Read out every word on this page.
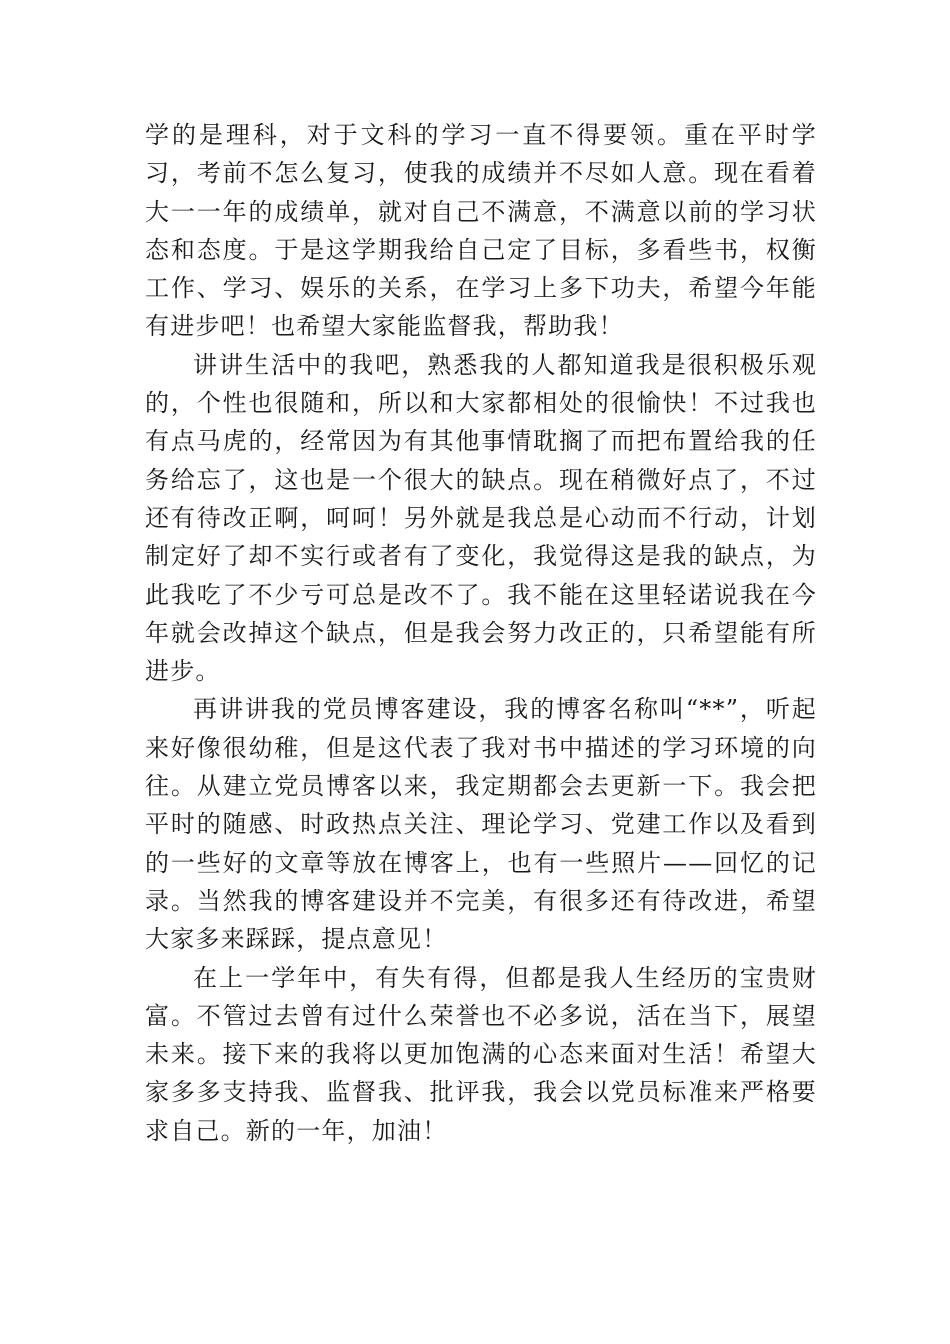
学的是理科，对于文科的学习一直不得要领。重在平时学习，考前不怎么复习，使我的成绩并不尽如人意。现在看着大一一年的成绩单，就对自己不满意，不满意以前的学习状态和态度。于是这学期我给自己定了目标，多看些书，权衡工作、学习、娱乐的关系，在学习上多下功夫，希望今年能有进步吧！也希望大家能监督我，帮助我！

讲讲生活中的我吧，熟悉我的人都知道我是很积极乐观的，个性也很随和，所以和大家都相处的很愉快！不过我也有点马虎的，经常因为有其他事情耽搁了而把布置给我的任务给忘了，这也是一个很大的缺点。现在稍微好点了，不过还有待改正啊，呵呵！另外就是我总是心动而不行动，计划制定好了却不实行或者有了变化，我觉得这是我的缺点，为此我吃了不少亏可总是改不了。我不能在这里轻诺说我在今年就会改掉这个缺点，但是我会努力改正的，只希望能有所进步。

再讲讲我的党员博客建设，我的博客名称叫“**”，听起来好像很幼稚，但是这代表了我对书中描述的学习环境的向往。从建立党员博客以来，我定期都会去更新一下。我会把平时的随感、时政热点关注、理论学习、党建工作以及看到的一些好的文章等放在博客上，也有一些照片——回忆的记录。当然我的博客建设并不完美，有很多还有待改进，希望大家多来踩踩，提点意见！

在上一学年中，有失有得，但都是我人生经历的宝贵财富。不管过去曾有过什么荣誉也不必多说，活在当下，展望未来。接下来的我将以更加饱满的心态来面对生活！希望大家多多支持我、监督我、批评我，我会以党员标准来严格要求自己。新的一年，加油！
